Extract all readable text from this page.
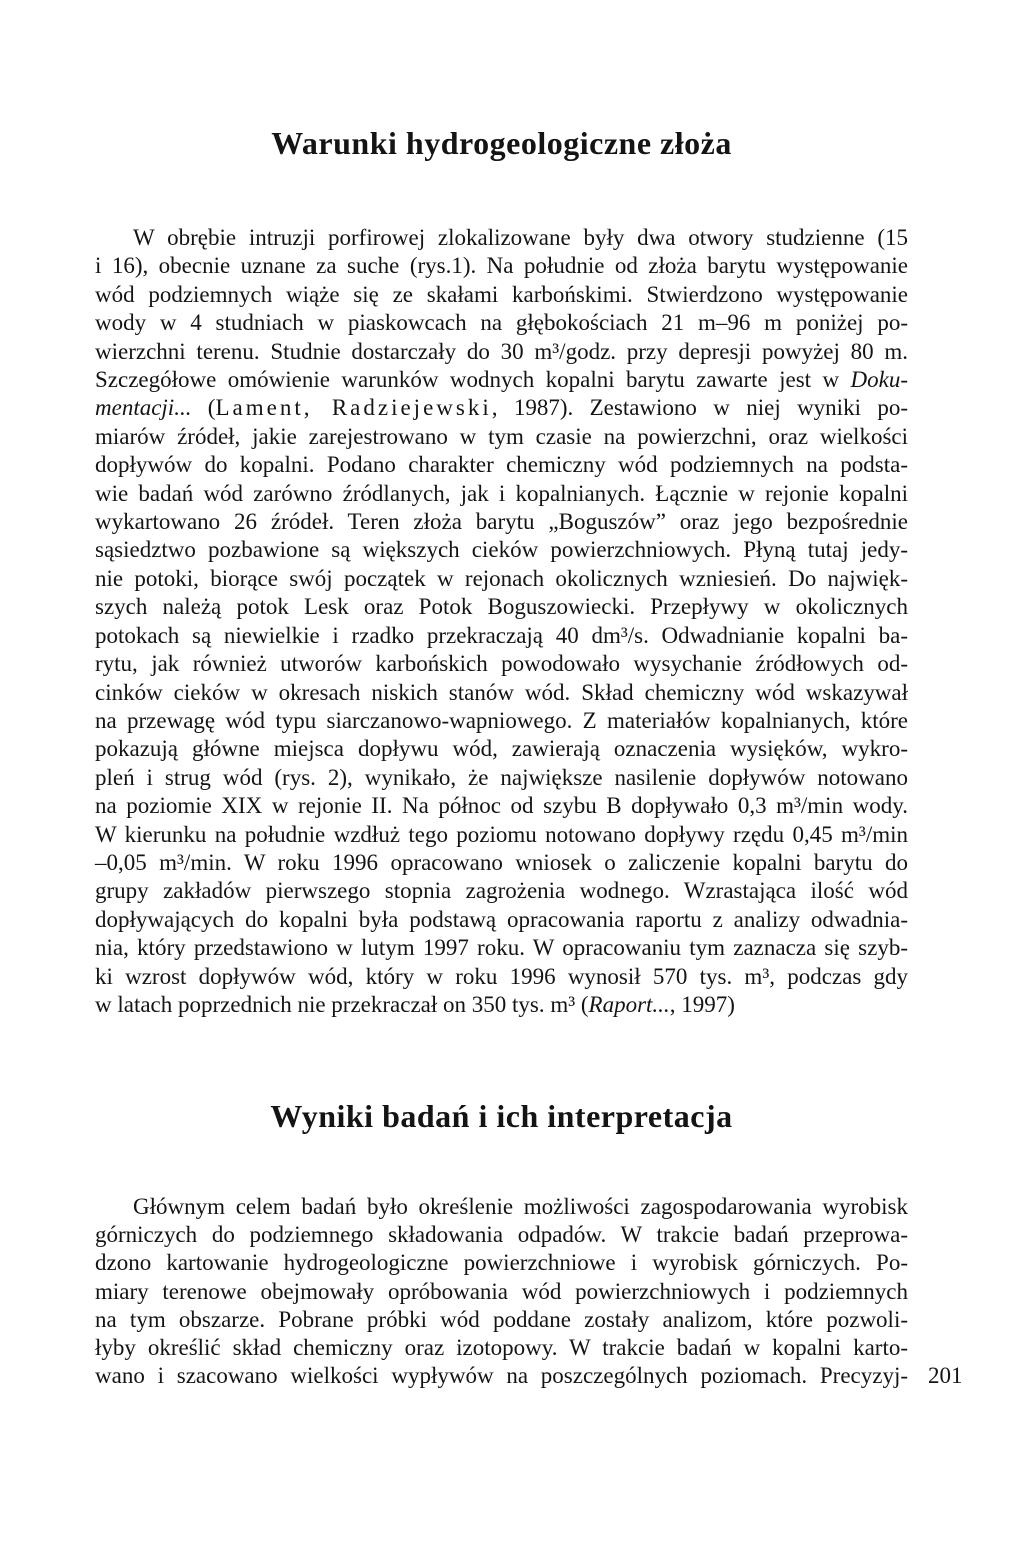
Warunki hydrogeologiczne złoża
W obrębie intruzji porfirowej zlokalizowane były dwa otwory studzienne (15
i 16), obecnie uznane za suche (rys.1). Na południe od złoża barytu występowanie
wód podziemnych wiąże się ze skałami karbońskimi. Stwierdzono występowanie
wody w 4 studniach w piaskowcach na głębokościach 21 m–96 m poniżej po-
wierzchni terenu. Studnie dostarczały do 30 m³/godz. przy depresji powyżej 80 m.
Szczegółowe omówienie warunków wodnych kopalni barytu zawarte jest w Doku-
mentacji... (Lament, Radziejewski, 1987). Zestawiono w niej wyniki po-
miarów źródeł, jakie zarejestrowano w tym czasie na powierzchni, oraz wielkości
dopływów do kopalni. Podano charakter chemiczny wód podziemnych na podsta-
wie badań wód zarówno źródlanych, jak i kopalnianych. Łącznie w rejonie kopalni
wykartowano 26 źródeł. Teren złoża barytu „Boguszów” oraz jego bezpośrednie
sąsiedztwo pozbawione są większych cieków powierzchniowych. Płyną tutaj jedy-
nie potoki, biorące swój początek w rejonach okolicznych wzniesień. Do najwięk-
szych należą potok Lesk oraz Potok Boguszowiecki. Przepływy w okolicznych
potokach są niewielkie i rzadko przekraczają 40 dm³/s. Odwadnianie kopalni ba-
rytu, jak również utworów karbońskich powodowało wysychanie źródłowych od-
cinków cieków w okresach niskich stanów wód. Skład chemiczny wód wskazywał
na przewagę wód typu siarczanowo-wapniowego. Z materiałów kopalnianych, które
pokazują główne miejsca dopływu wód, zawierają oznaczenia wysięków, wykro-
pleń i strug wód (rys. 2), wynikało, że największe nasilenie dopływów notowano
na poziomie XIX w rejonie II. Na północ od szybu B dopływało 0,3 m³/min wody.
W kierunku na południe wzdłuż tego poziomu notowano dopływy rzędu 0,45 m³/min
–0,05 m³/min. W roku 1996 opracowano wniosek o zaliczenie kopalni barytu do
grupy zakładów pierwszego stopnia zagrożenia wodnego. Wzrastająca ilość wód
dopływających do kopalni była podstawą opracowania raportu z analizy odwadnia-
nia, który przedstawiono w lutym 1997 roku. W opracowaniu tym zaznacza się szyb-
ki wzrost dopływów wód, który w roku 1996 wynosił 570 tys. m³, podczas gdy
w latach poprzednich nie przekraczał on 350 tys. m³ (Raport..., 1997)
Wyniki badań i ich interpretacja
Głównym celem badań było określenie możliwości zagospodarowania wyrobisk
górniczych do podziemnego składowania odpadów. W trakcie badań przeprowa-
dzono kartowanie hydrogeologiczne powierzchniowe i wyrobisk górniczych. Po-
miary terenowe obejmowały opróbowania wód powierzchniowych i podziemnych
na tym obszarze. Pobrane próbki wód poddane zostały analizom, które pozwoli-
łyby określić skład chemiczny oraz izotopowy. W trakcie badań w kopalni karto-
wano i szacowano wielkości wypływów na poszczególnych poziomach. Precyzyj- 201
